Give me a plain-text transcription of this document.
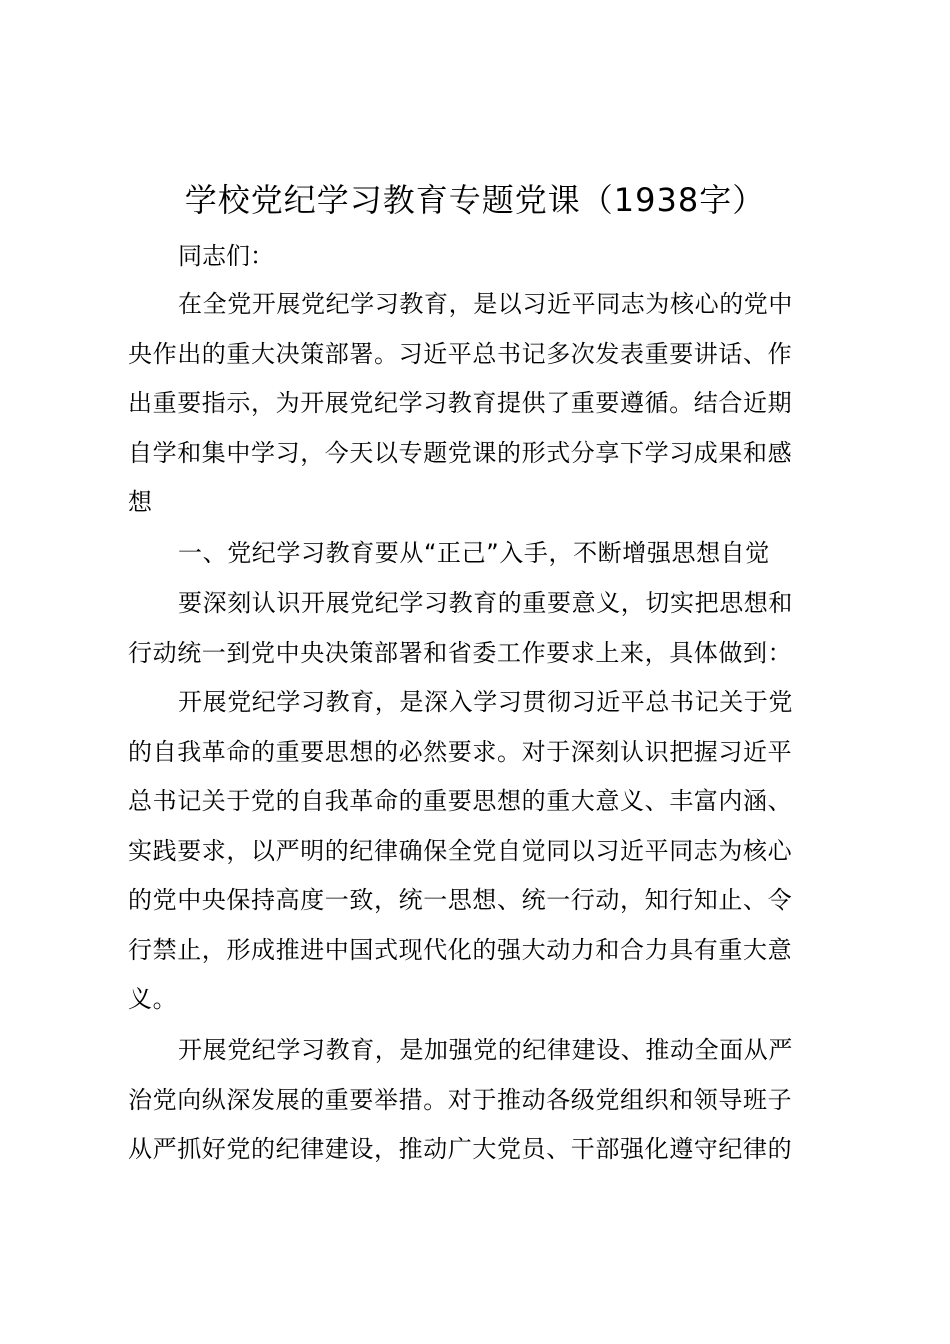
学校党纪学习教育专题党课（1938字）
同志们：
在全党开展党纪学习教育，是以习近平同志为核心的党中
央作出的重大决策部署。习近平总书记多次发表重要讲话、作
出重要指示，为开展党纪学习教育提供了重要遵循。结合近期
自学和集中学习，今天以专题党课的形式分享下学习成果和感
想
一、党纪学习教育要从“正己”入手，不断增强思想自觉
要深刻认识开展党纪学习教育的重要意义，切实把思想和
行动统一到党中央决策部署和省委工作要求上来，具体做到：
开展党纪学习教育，是深入学习贯彻习近平总书记关于党
的自我革命的重要思想的必然要求。对于深刻认识把握习近平
总书记关于党的自我革命的重要思想的重大意义、丰富内涵、
实践要求，以严明的纪律确保全党自觉同以习近平同志为核心
的党中央保持高度一致，统一思想、统一行动，知行知止、令
行禁止，形成推进中国式现代化的强大动力和合力具有重大意
义。
开展党纪学习教育，是加强党的纪律建设、推动全面从严
治党向纵深发展的重要举措。对于推动各级党组织和领导班子
从严抓好党的纪律建设，推动广大党员、干部强化遵守纪律的
